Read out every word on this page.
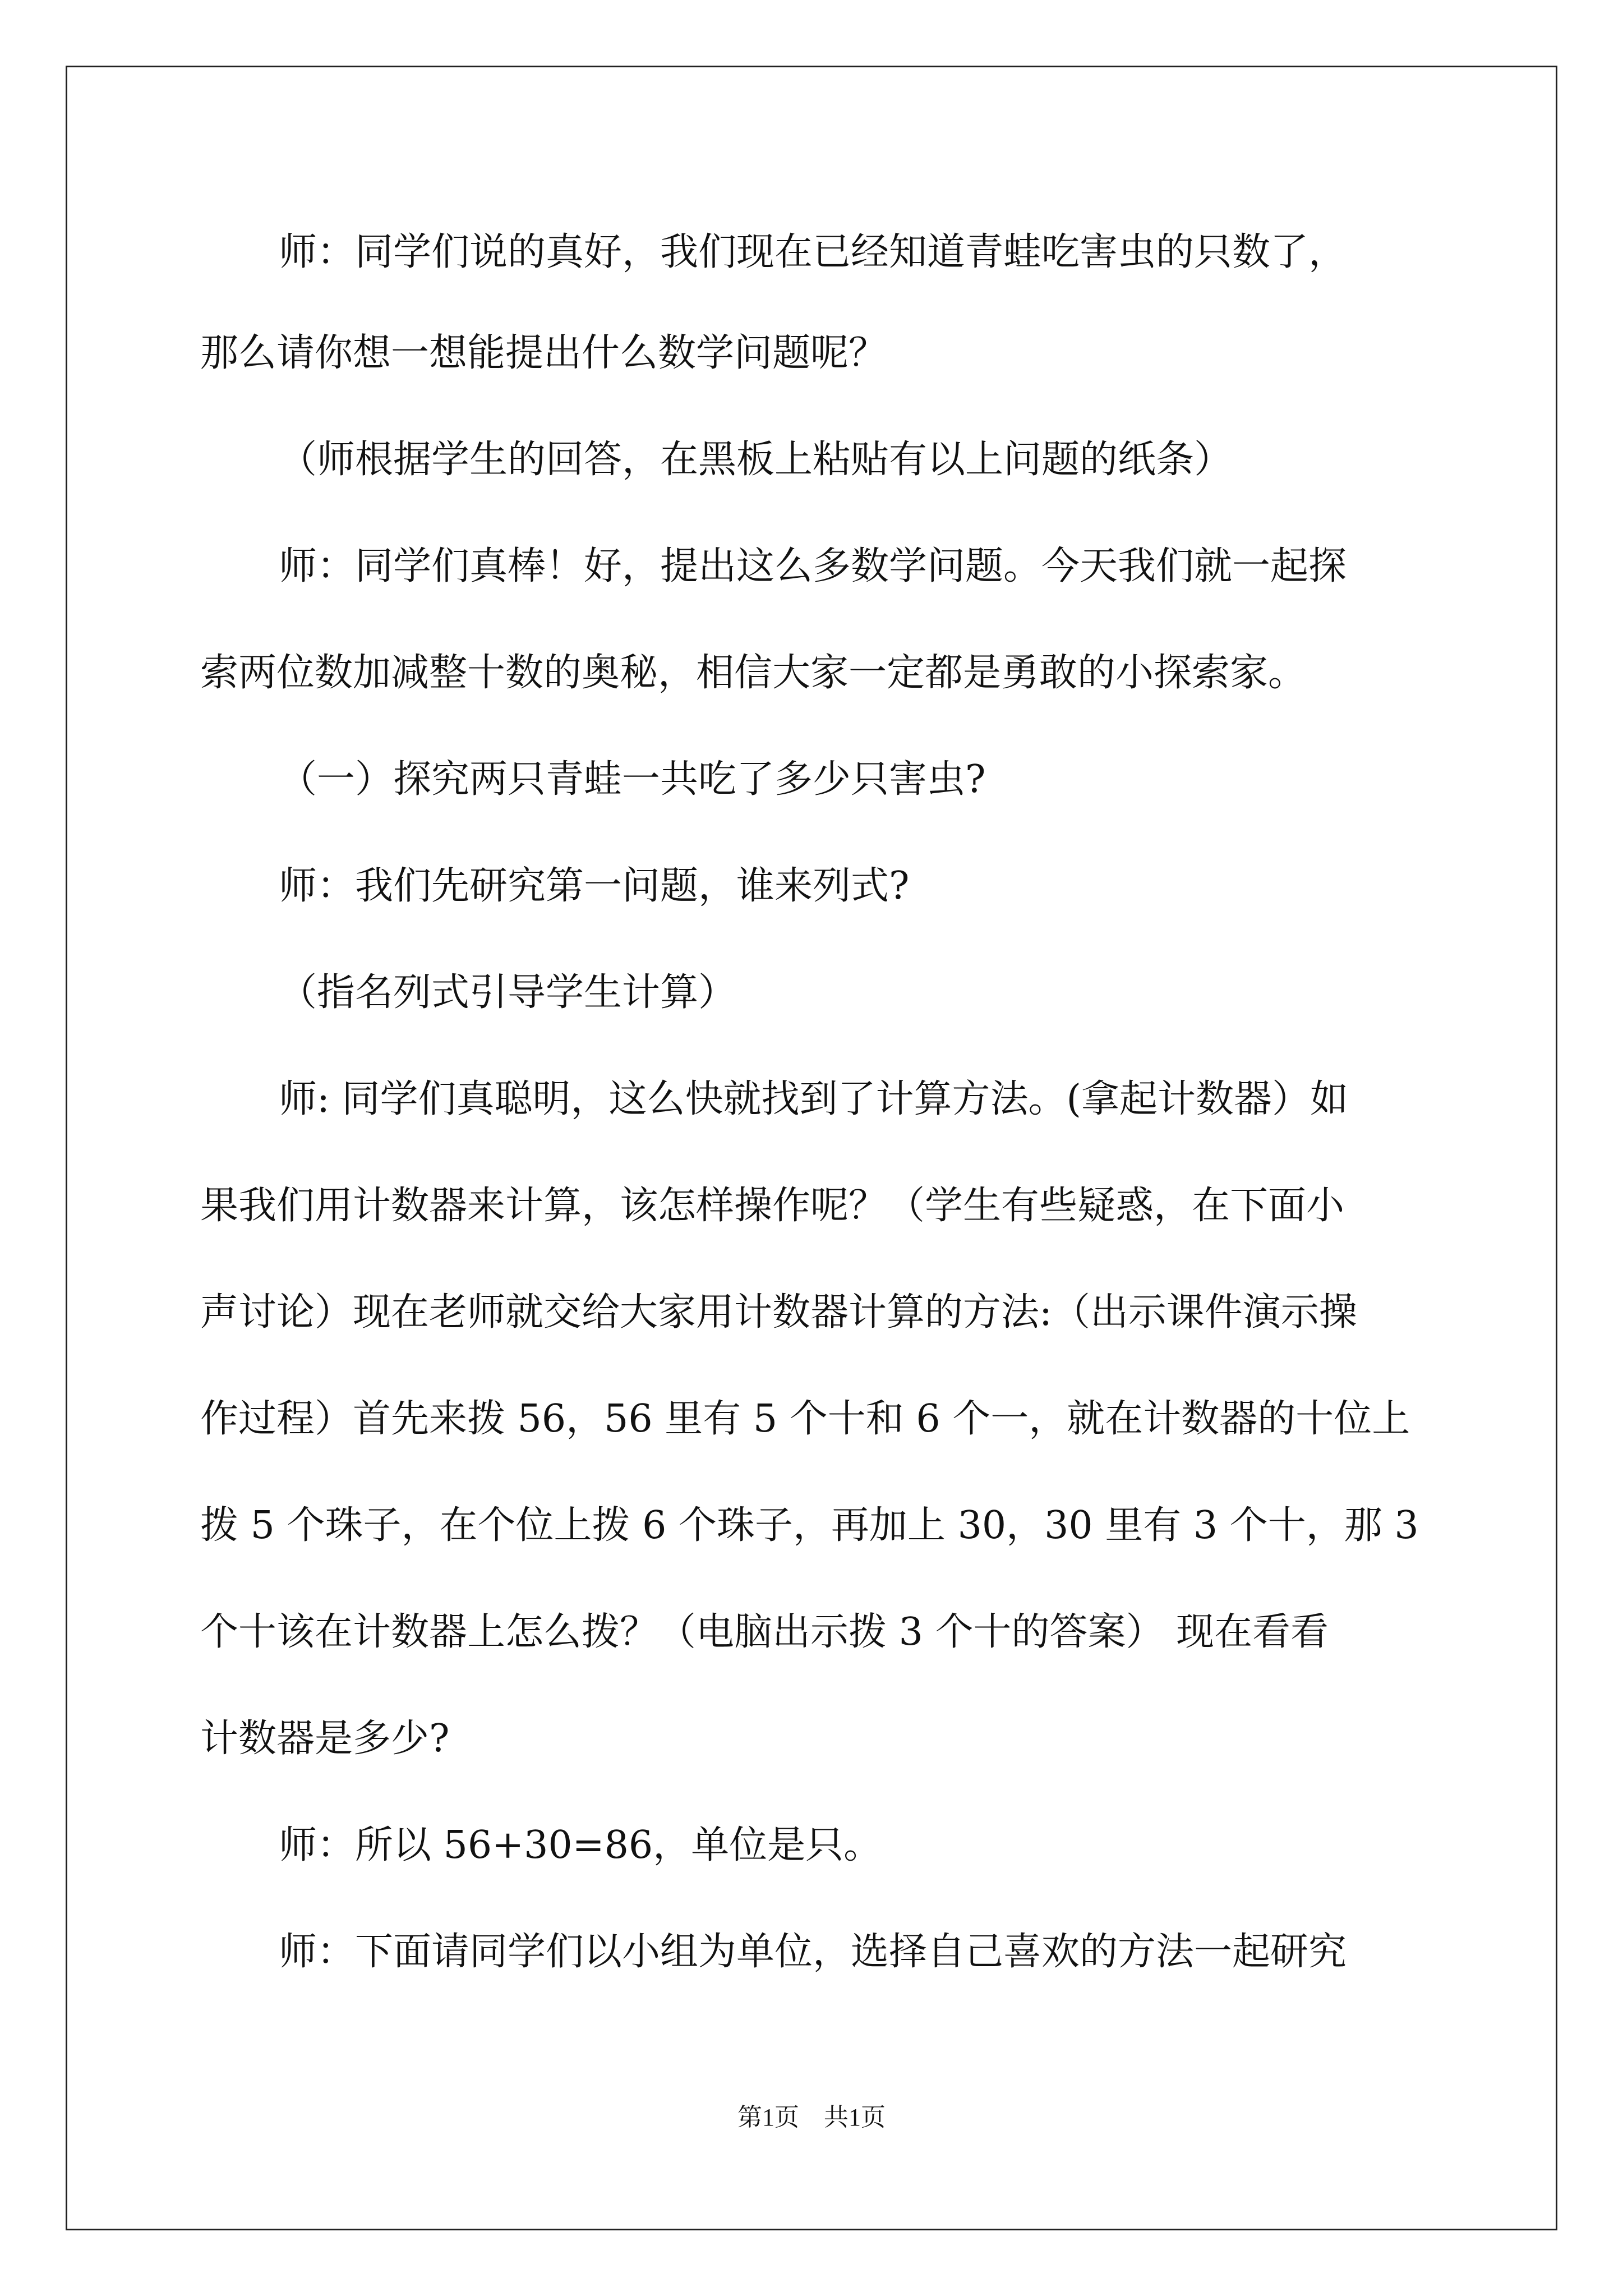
师：同学们说的真好，我们现在已经知道青蛙吃害虫的只数了，
那么请你想一想能提出什么数学问题呢？
（师根据学生的回答，在黑板上粘贴有以上问题的纸条）
师：同学们真棒！好，提出这么多数学问题。今天我们就一起探
索两位数加减整十数的奥秘，相信大家一定都是勇敢的小探索家。
（一）探究两只青蛙一共吃了多少只害虫?
师：我们先研究第一问题，谁来列式?
（指名列式引导学生计算）
师: 同学们真聪明，这么快就找到了计算方法。(拿起计数器）如
果我们用计数器来计算，该怎样操作呢？（学生有些疑惑，在下面小
声讨论）现在老师就交给大家用计数器计算的方法:（出示课件演示操
作过程）首先来拨 56，56 里有 5 个十和 6 个一，就在计数器的十位上
拨 5 个珠子，在个位上拨 6 个珠子，再加上 30，30 里有 3 个十，那 3
个十该在计数器上怎么拨？（电脑出示拨 3 个十的答案） 现在看看
计数器是多少?
师：所以 56+30=86，单位是只。
师：下面请同学们以小组为单位，选择自己喜欢的方法一起研究
第1页　共1页
